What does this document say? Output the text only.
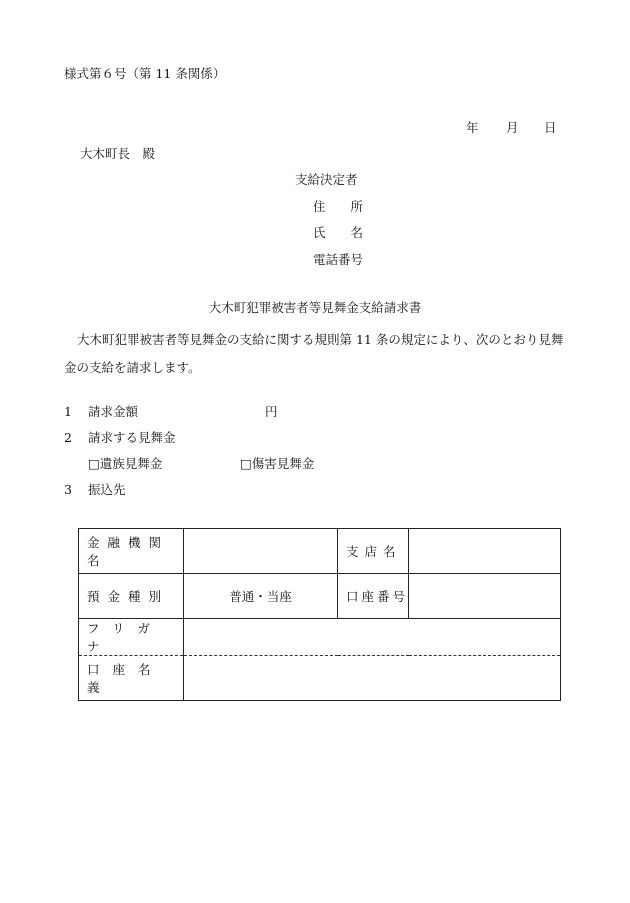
様式第６号（第 11 条関係）
年 月 日
大木町長　殿
支給決定者
住　　所
氏　　名
電話番号
大木町犯罪被害者等見舞金支給請求書
大木町犯罪被害者等見舞金の支給に関する規則第 11 条の規定により、次のとおり見舞金の支給を請求します。
1 請求金額	円
2 請求する見舞金
□遺族見舞金	□傷害見舞金
3 振込先
金融機関名		支店名	
預金種別	普通・当座	口座番号	
フリガナ			
口座名義			
